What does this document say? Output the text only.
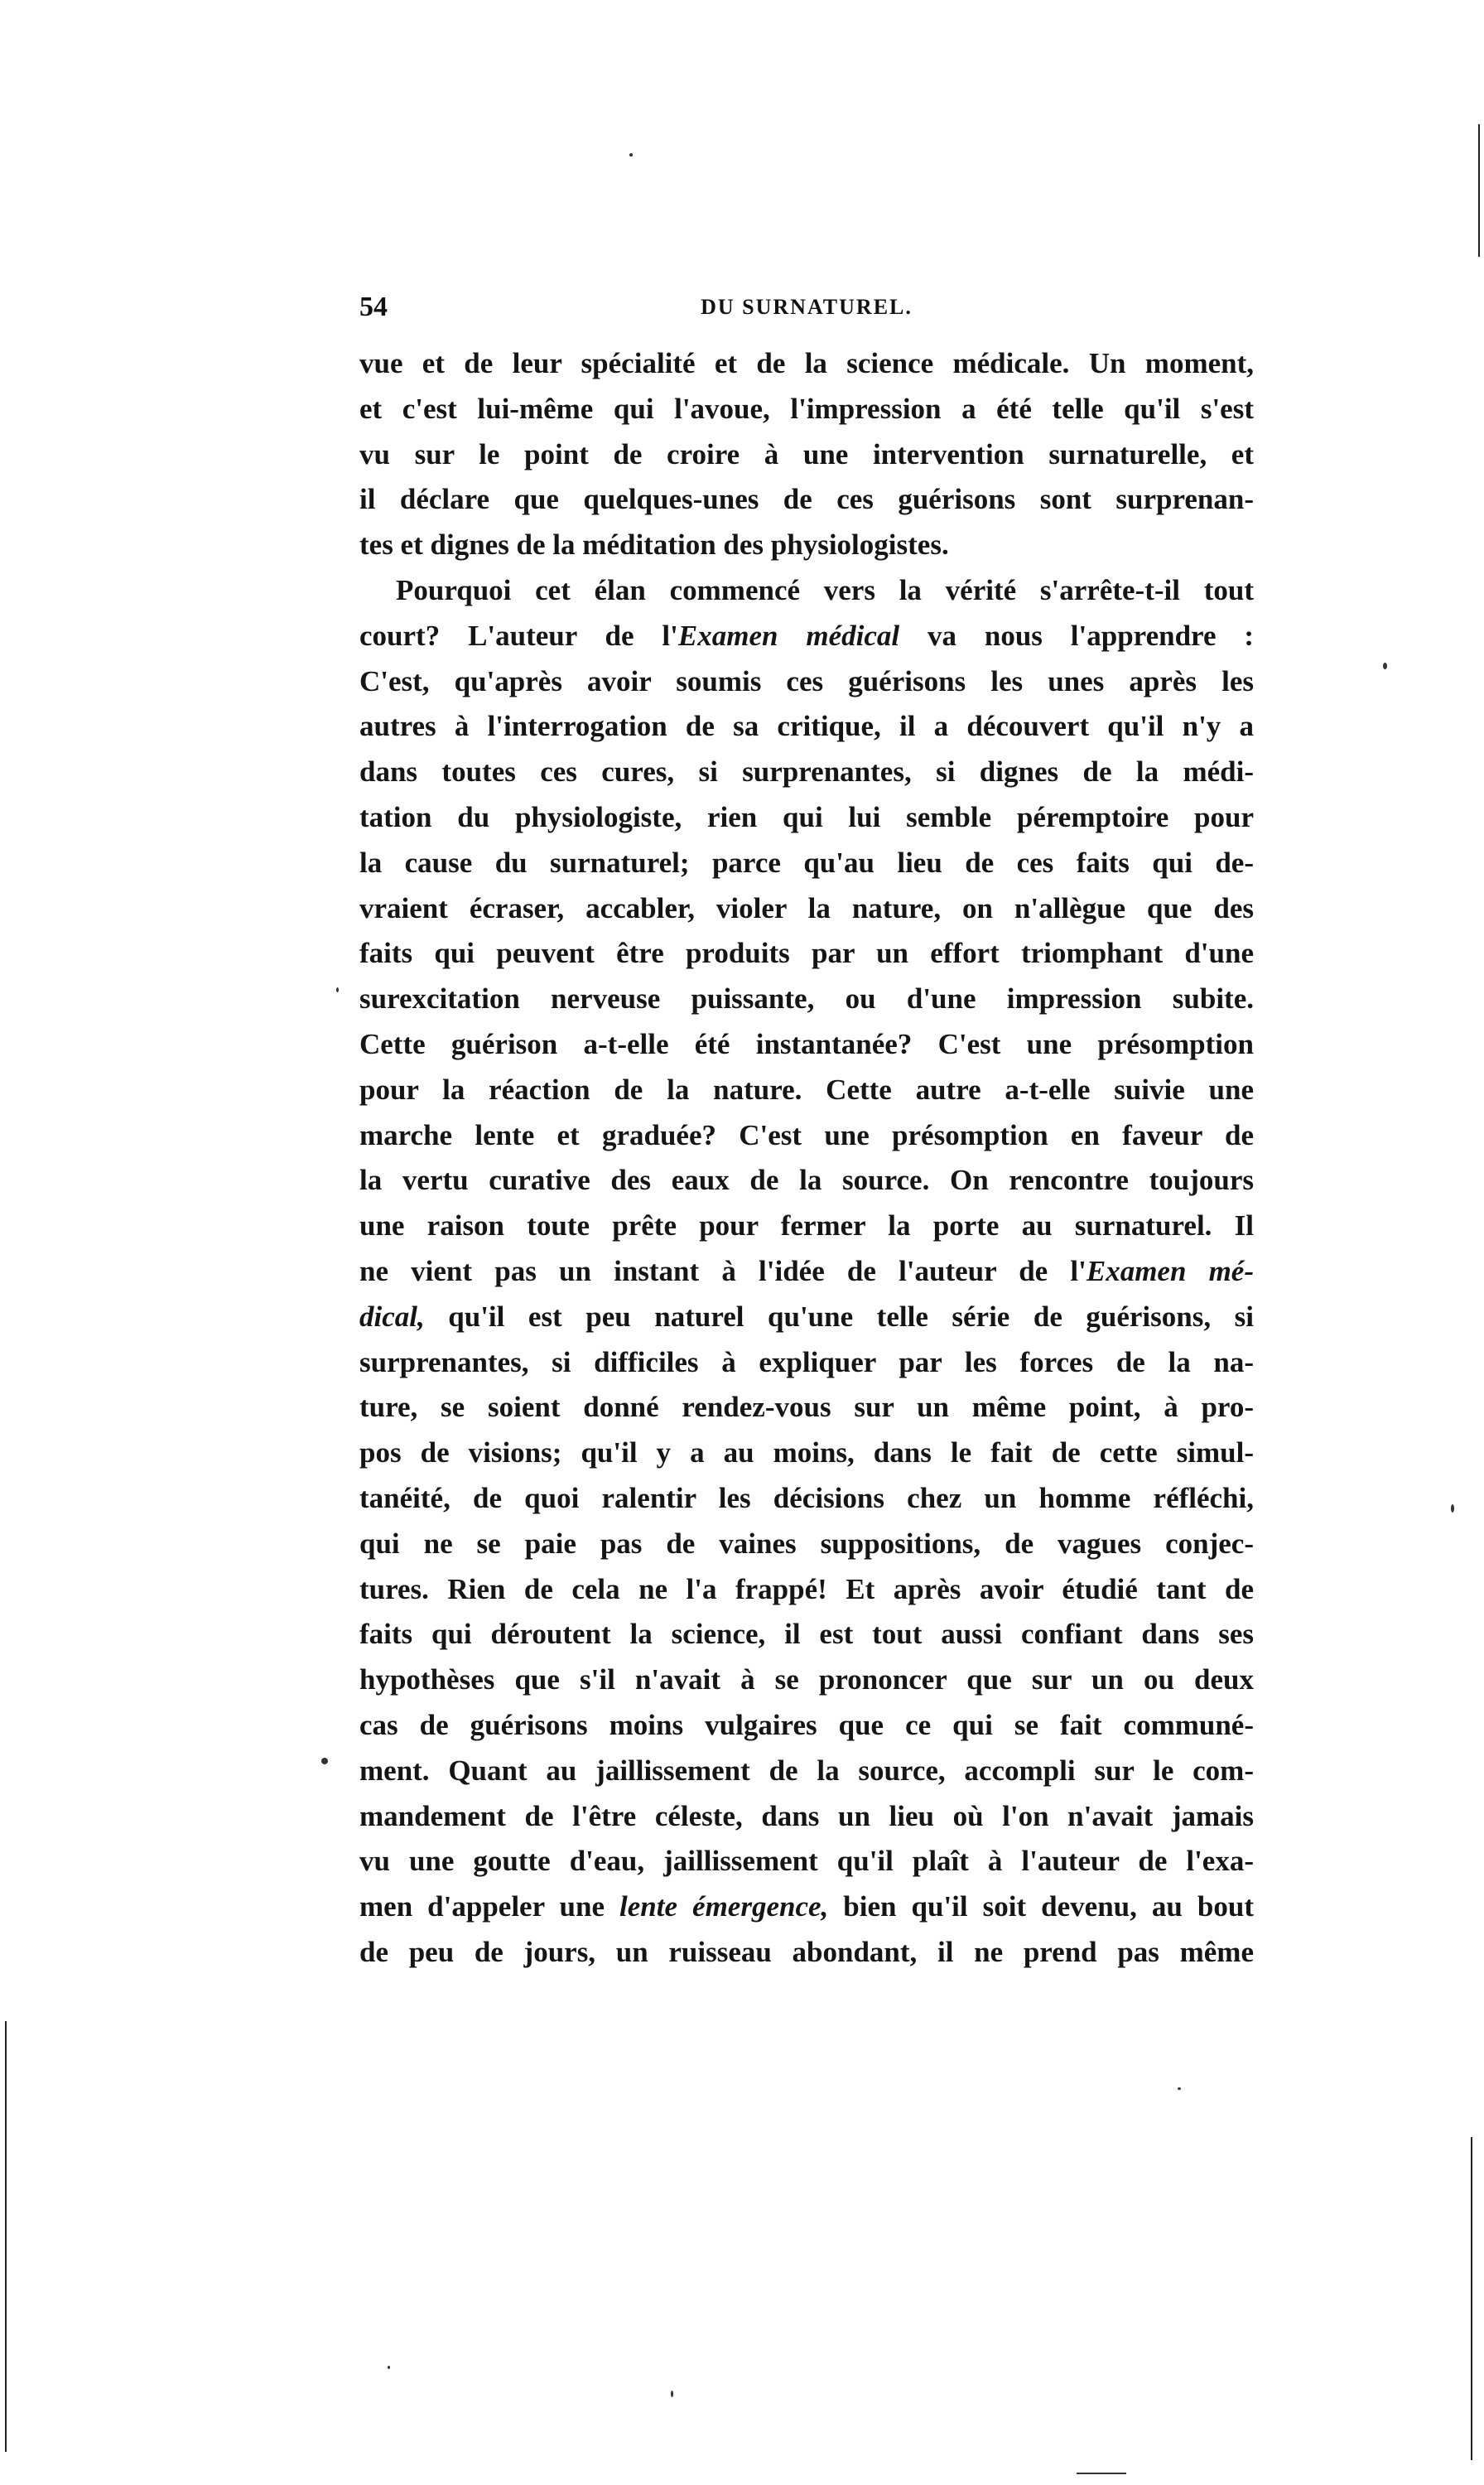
54	DU SURNATUREL.
vue et de leur spécialité et de la science médicale. Un moment,
et c'est lui-même qui l'avoue, l'impression a été telle qu'il s'est
vu sur le point de croire à une intervention surnaturelle, et
il déclare que quelques-unes de ces guérisons sont surprenan-
tes et dignes de la méditation des physiologistes.
Pourquoi cet élan commencé vers la vérité s'arrête-t-il tout
court? L'auteur de l'Examen médical va nous l'apprendre :
C'est, qu'après avoir soumis ces guérisons les unes après les
autres à l'interrogation de sa critique, il a découvert qu'il n'y a
dans toutes ces cures, si surprenantes, si dignes de la médi-
tation du physiologiste, rien qui lui semble péremptoire pour
la cause du surnaturel; parce qu'au lieu de ces faits qui de-
vraient écraser, accabler, violer la nature, on n'allègue que des
faits qui peuvent être produits par un effort triomphant d'une
surexcitation nerveuse puissante, ou d'une impression subite.
Cette guérison a-t-elle été instantanée? C'est une présomption
pour la réaction de la nature. Cette autre a-t-elle suivie une
marche lente et graduée? C'est une présomption en faveur de
la vertu curative des eaux de la source. On rencontre toujours
une raison toute prête pour fermer la porte au surnaturel. Il
ne vient pas un instant à l'idée de l'auteur de l'Examen mé-
dical, qu'il est peu naturel qu'une telle série de guérisons, si
surprenantes, si difficiles à expliquer par les forces de la na-
ture, se soient donné rendez-vous sur un même point, à pro-
pos de visions; qu'il y a au moins, dans le fait de cette simul-
tanéité, de quoi ralentir les décisions chez un homme réfléchi,
qui ne se paie pas de vaines suppositions, de vagues conjec-
tures. Rien de cela ne l'a frappé! Et après avoir étudié tant de
faits qui déroutent la science, il est tout aussi confiant dans ses
hypothèses que s'il n'avait à se prononcer que sur un ou deux
cas de guérisons moins vulgaires que ce qui se fait communé-
ment. Quant au jaillissement de la source, accompli sur le com-
mandement de l'être céleste, dans un lieu où l'on n'avait jamais
vu une goutte d'eau, jaillissement qu'il plaît à l'auteur de l'exa-
men d'appeler une lente émergence, bien qu'il soit devenu, au bout
de peu de jours, un ruisseau abondant, il ne prend pas même
